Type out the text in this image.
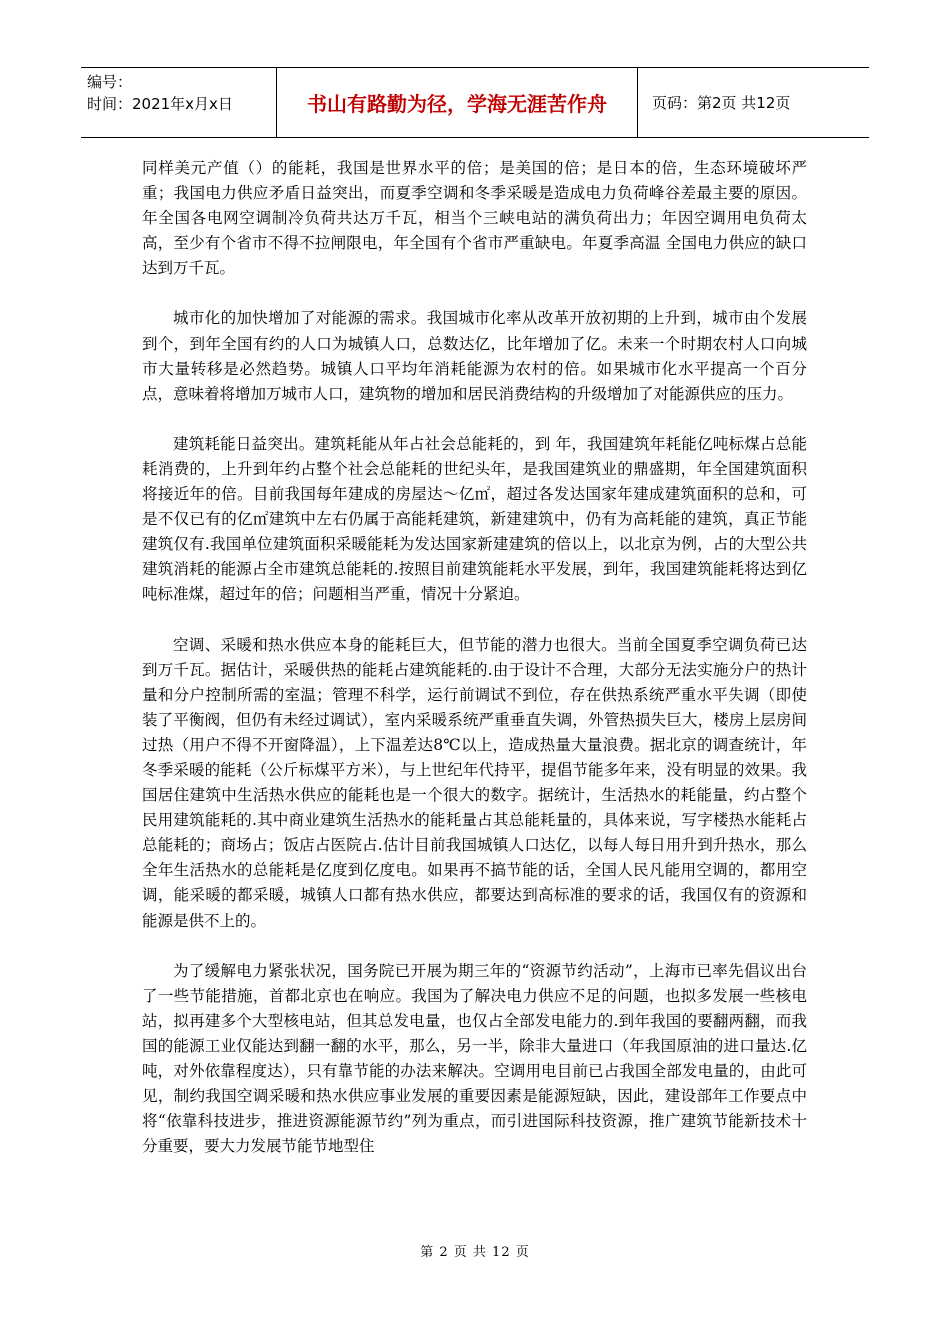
编号：
时间：2021年x月x日	书山有路勤为径，学海无涯苦作舟	页码：第2页 共12页

同样美元产值（）的能耗，我国是世界水平的倍；是美国的倍；是日本的倍，生态环境破坏严重；我国电力供应矛盾日益突出，而夏季空调和冬季采暖是造成电力负荷峰谷差最主要的原因。年全国各电网空调制冷负荷共达万千瓦，相当个三峡电站的满负荷出力；年因空调用电负荷太高，至少有个省市不得不拉闸限电，年全国有个省市严重缺电。年夏季高温 全国电力供应的缺口达到万千瓦。

城市化的加快增加了对能源的需求。我国城市化率从改革开放初期的上升到，城市由个发展到个，到年全国有约的人口为城镇人口，总数达亿，比年增加了亿。未来一个时期农村人口向城市大量转移是必然趋势。城镇人口平均年消耗能源为农村的倍。如果城市化水平提高一个百分点，意味着将增加万城市人口，建筑物的增加和居民消费结构的升级增加了对能源供应的压力。

建筑耗能日益突出。建筑耗能从年占社会总能耗的，到 年，我国建筑年耗能亿吨标煤占总能耗消费的，上升到年约占整个社会总能耗的世纪头年，是我国建筑业的鼎盛期，年全国建筑面积将接近年的倍。目前我国每年建成的房屋达～亿㎡，超过各发达国家年建成建筑面积的总和，可是不仅已有的亿㎡建筑中左右仍属于高能耗建筑，新建建筑中，仍有为高耗能的建筑，真正节能建筑仅有.我国单位建筑面积采暖能耗为发达国家新建建筑的倍以上，以北京为例，占的大型公共建筑消耗的能源占全市建筑总能耗的.按照目前建筑能耗水平发展，到年，我国建筑能耗将达到亿吨标准煤，超过年的倍；问题相当严重，情况十分紧迫。

空调、采暖和热水供应本身的能耗巨大，但节能的潜力也很大。当前全国夏季空调负荷已达到万千瓦。据估计，采暖供热的能耗占建筑能耗的.由于设计不合理，大部分无法实施分户的热计量和分户控制所需的室温；管理不科学，运行前调试不到位，存在供热系统严重水平失调（即使装了平衡阀，但仍有未经过调试），室内采暖系统严重垂直失调，外管热损失巨大，楼房上层房间过热（用户不得不开窗降温），上下温差达8℃以上，造成热量大量浪费。据北京的调查统计，年冬季采暖的能耗（公斤标煤平方米），与上世纪年代持平，提倡节能多年来，没有明显的效果。我国居住建筑中生活热水供应的能耗也是一个很大的数字。据统计，生活热水的耗能量，约占整个民用建筑能耗的.其中商业建筑生活热水的能耗量占其总能耗量的，具体来说，写字楼热水能耗占总能耗的；商场占；饭店占医院占.估计目前我国城镇人口达亿，以每人每日用升到升热水，那么全年生活热水的总能耗是亿度到亿度电。如果再不搞节能的话，全国人民凡能用空调的，都用空调，能采暖的都采暖，城镇人口都有热水供应，都要达到高标准的要求的话，我国仅有的资源和能源是供不上的。

为了缓解电力紧张状况，国务院已开展为期三年的“资源节约活动”，上海市已率先倡议出台了一些节能措施，首都北京也在响应。我国为了解决电力供应不足的问题，也拟多发展一些核电站，拟再建多个大型核电站，但其总发电量，也仅占全部发电能力的.到年我国的要翻两翻，而我国的能源工业仅能达到翻一翻的水平，那么，另一半，除非大量进口（年我国原油的进口量达.亿吨，对外依靠程度达），只有靠节能的办法来解决。空调用电目前已占我国全部发电量的，由此可见，制约我国空调采暖和热水供应事业发展的重要因素是能源短缺，因此，建设部年工作要点中将“依靠科技进步，推进资源能源节约”列为重点，而引进国际科技资源，推广建筑节能新技术十分重要，要大力发展节能节地型住

第 2 页 共 12 页
